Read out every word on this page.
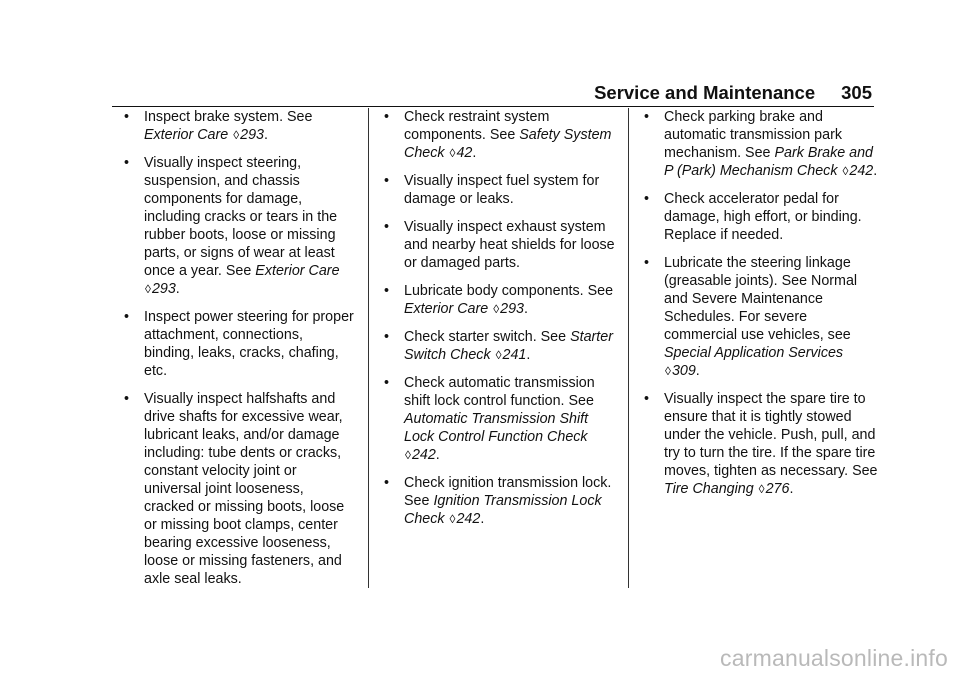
Service and Maintenance 305
• Inspect brake system. See Exterior Care ◊293.
• Visually inspect steering, suspension, and chassis components for damage, including cracks or tears in the rubber boots, loose or missing parts, or signs of wear at least once a year. See Exterior Care ◊293.
• Inspect power steering for proper attachment, connections, binding, leaks, cracks, chafing, etc.
• Visually inspect halfshafts and drive shafts for excessive wear, lubricant leaks, and/or damage including: tube dents or cracks, constant velocity joint or universal joint looseness, cracked or missing boots, loose or missing boot clamps, center bearing excessive looseness, loose or missing fasteners, and axle seal leaks.
• Check restraint system components. See Safety System Check ◊42.
• Visually inspect fuel system for damage or leaks.
• Visually inspect exhaust system and nearby heat shields for loose or damaged parts.
• Lubricate body components. See Exterior Care ◊293.
• Check starter switch. See Starter Switch Check ◊241.
• Check automatic transmission shift lock control function. See Automatic Transmission Shift Lock Control Function Check ◊242.
• Check ignition transmission lock. See Ignition Transmission Lock Check ◊242.
• Check parking brake and automatic transmission park mechanism. See Park Brake and P (Park) Mechanism Check ◊242.
• Check accelerator pedal for damage, high effort, or binding. Replace if needed.
• Lubricate the steering linkage (greasable joints). See Normal and Severe Maintenance Schedules. For severe commercial use vehicles, see Special Application Services ◊309.
• Visually inspect the spare tire to ensure that it is tightly stowed under the vehicle. Push, pull, and try to turn the tire. If the spare tire moves, tighten as necessary. See Tire Changing ◊276.
carmanualsonline.info
